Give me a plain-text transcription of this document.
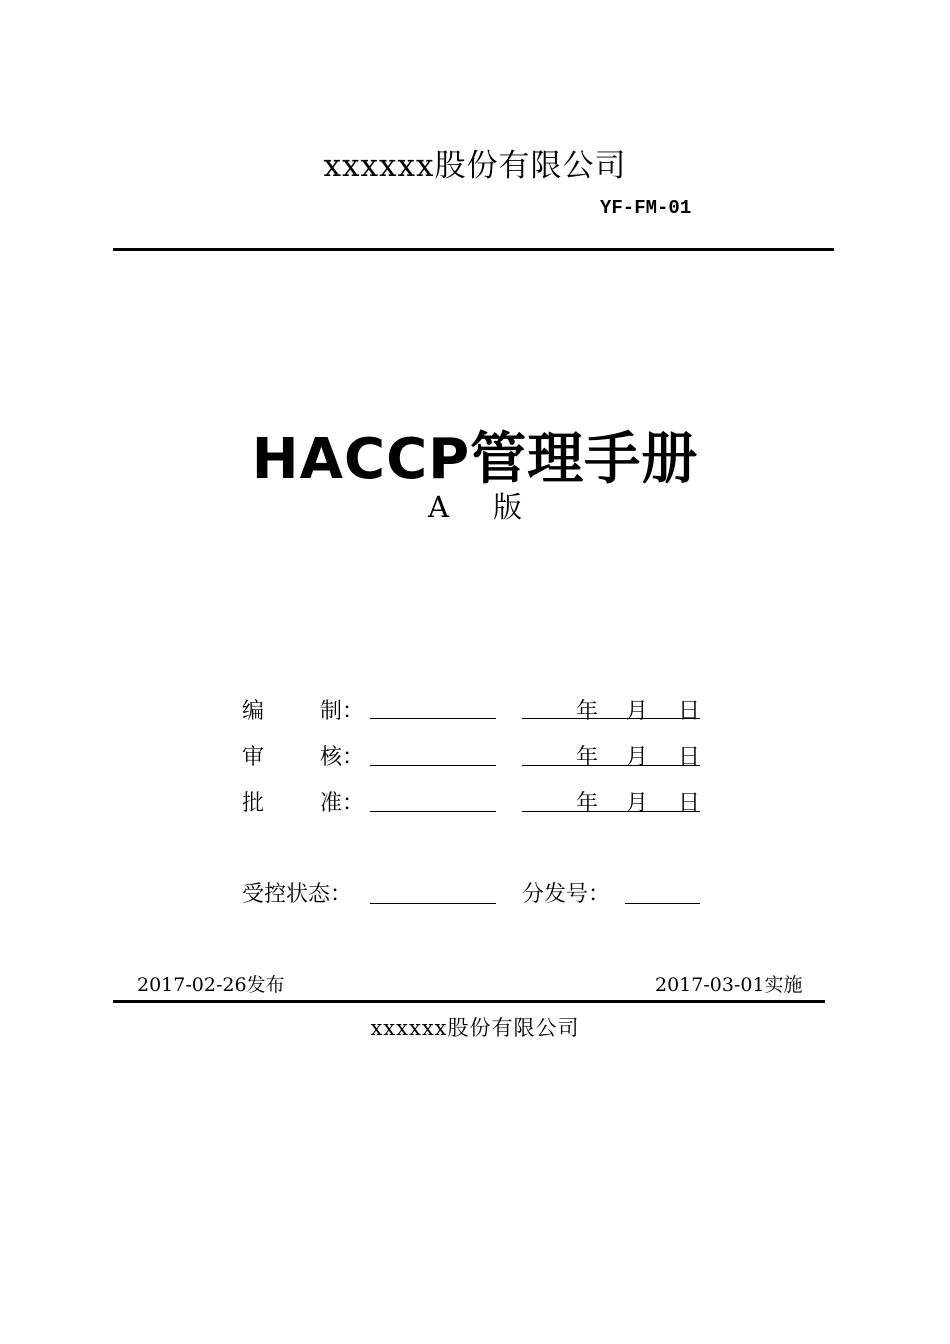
xxxxxx股份有限公司
YF-FM-01
HACCP管理手册
A 版
编	制：	年 月 日
审	核：	年 月 日
批	准：	年 月 日
受控状态：	分发号：
2017-02-26发布	2017-03-01实施
xxxxxx股份有限公司
